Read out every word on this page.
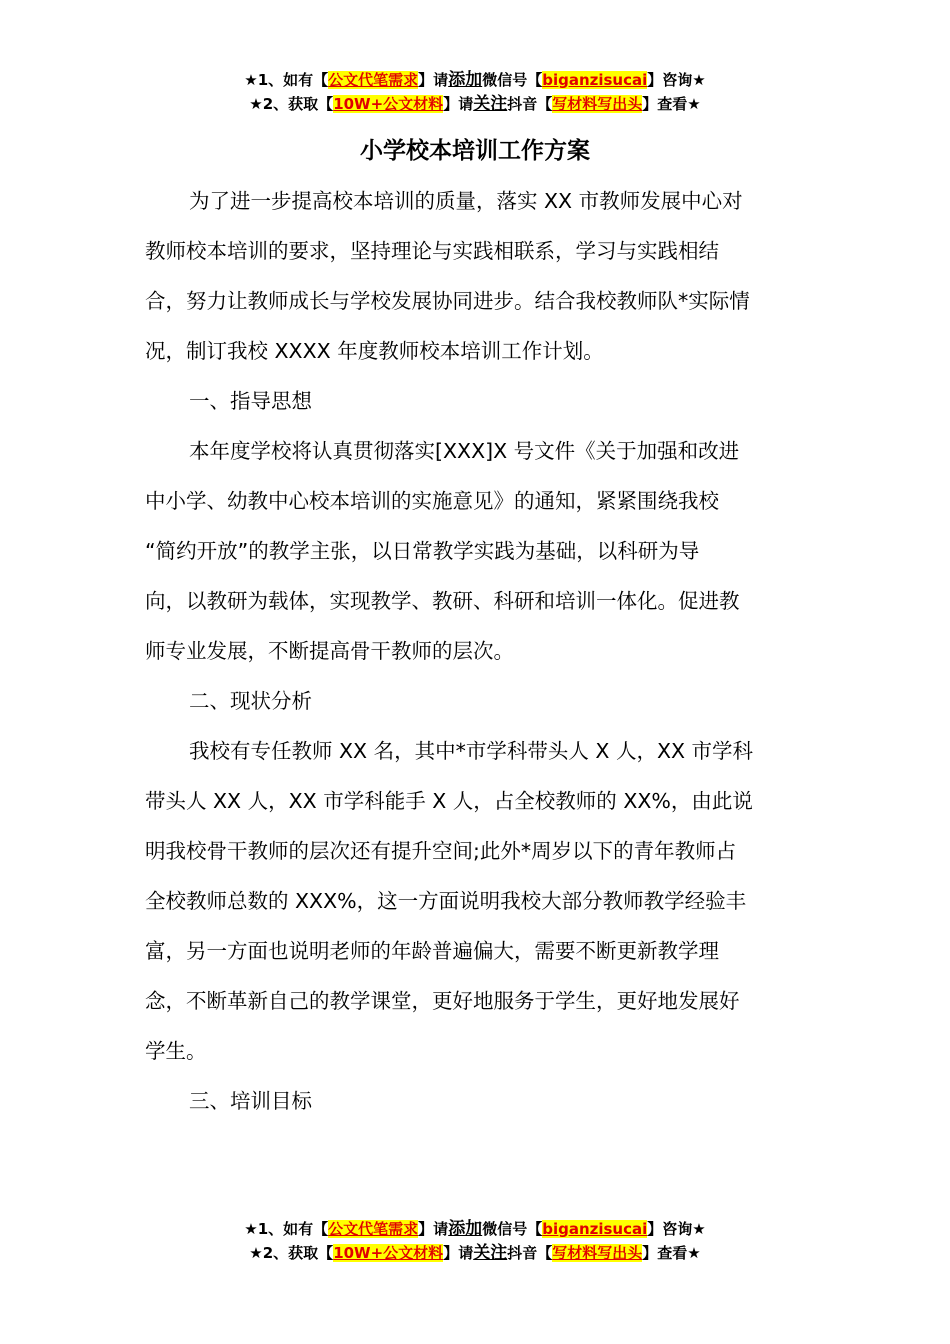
★1、如有【公文代笔需求】请添加微信号【biganzisucai】咨询★
★2、获取【10W+公文材料】请关注抖音【写材料写出头】查看★
小学校本培训工作方案
为了进一步提高校本培训的质量，落实 XX 市教师发展中心对
教师校本培训的要求，坚持理论与实践相联系，学习与实践相结
合，努力让教师成长与学校发展协同进步。结合我校教师队*实际情
况，制订我校 XXXX 年度教师校本培训工作计划。
一、指导思想
本年度学校将认真贯彻落实[XXX]X 号文件《关于加强和改进
中小学、幼教中心校本培训的实施意见》的通知，紧紧围绕我校
“简约开放”的教学主张，以日常教学实践为基础，以科研为导
向，以教研为载体，实现教学、教研、科研和培训一体化。促进教
师专业发展，不断提高骨干教师的层次。
二、现状分析
我校有专任教师 XX 名，其中*市学科带头人 X 人，XX 市学科
带头人 XX 人，XX 市学科能手 X 人，占全校教师的 XX%，由此说
明我校骨干教师的层次还有提升空间;此外*周岁以下的青年教师占
全校教师总数的 XXX%，这一方面说明我校大部分教师教学经验丰
富，另一方面也说明老师的年龄普遍偏大，需要不断更新教学理
念，不断革新自己的教学课堂，更好地服务于学生，更好地发展好
学生。
三、培训目标
★1、如有【公文代笔需求】请添加微信号【biganzisucai】咨询★
★2、获取【10W+公文材料】请关注抖音【写材料写出头】查看★
